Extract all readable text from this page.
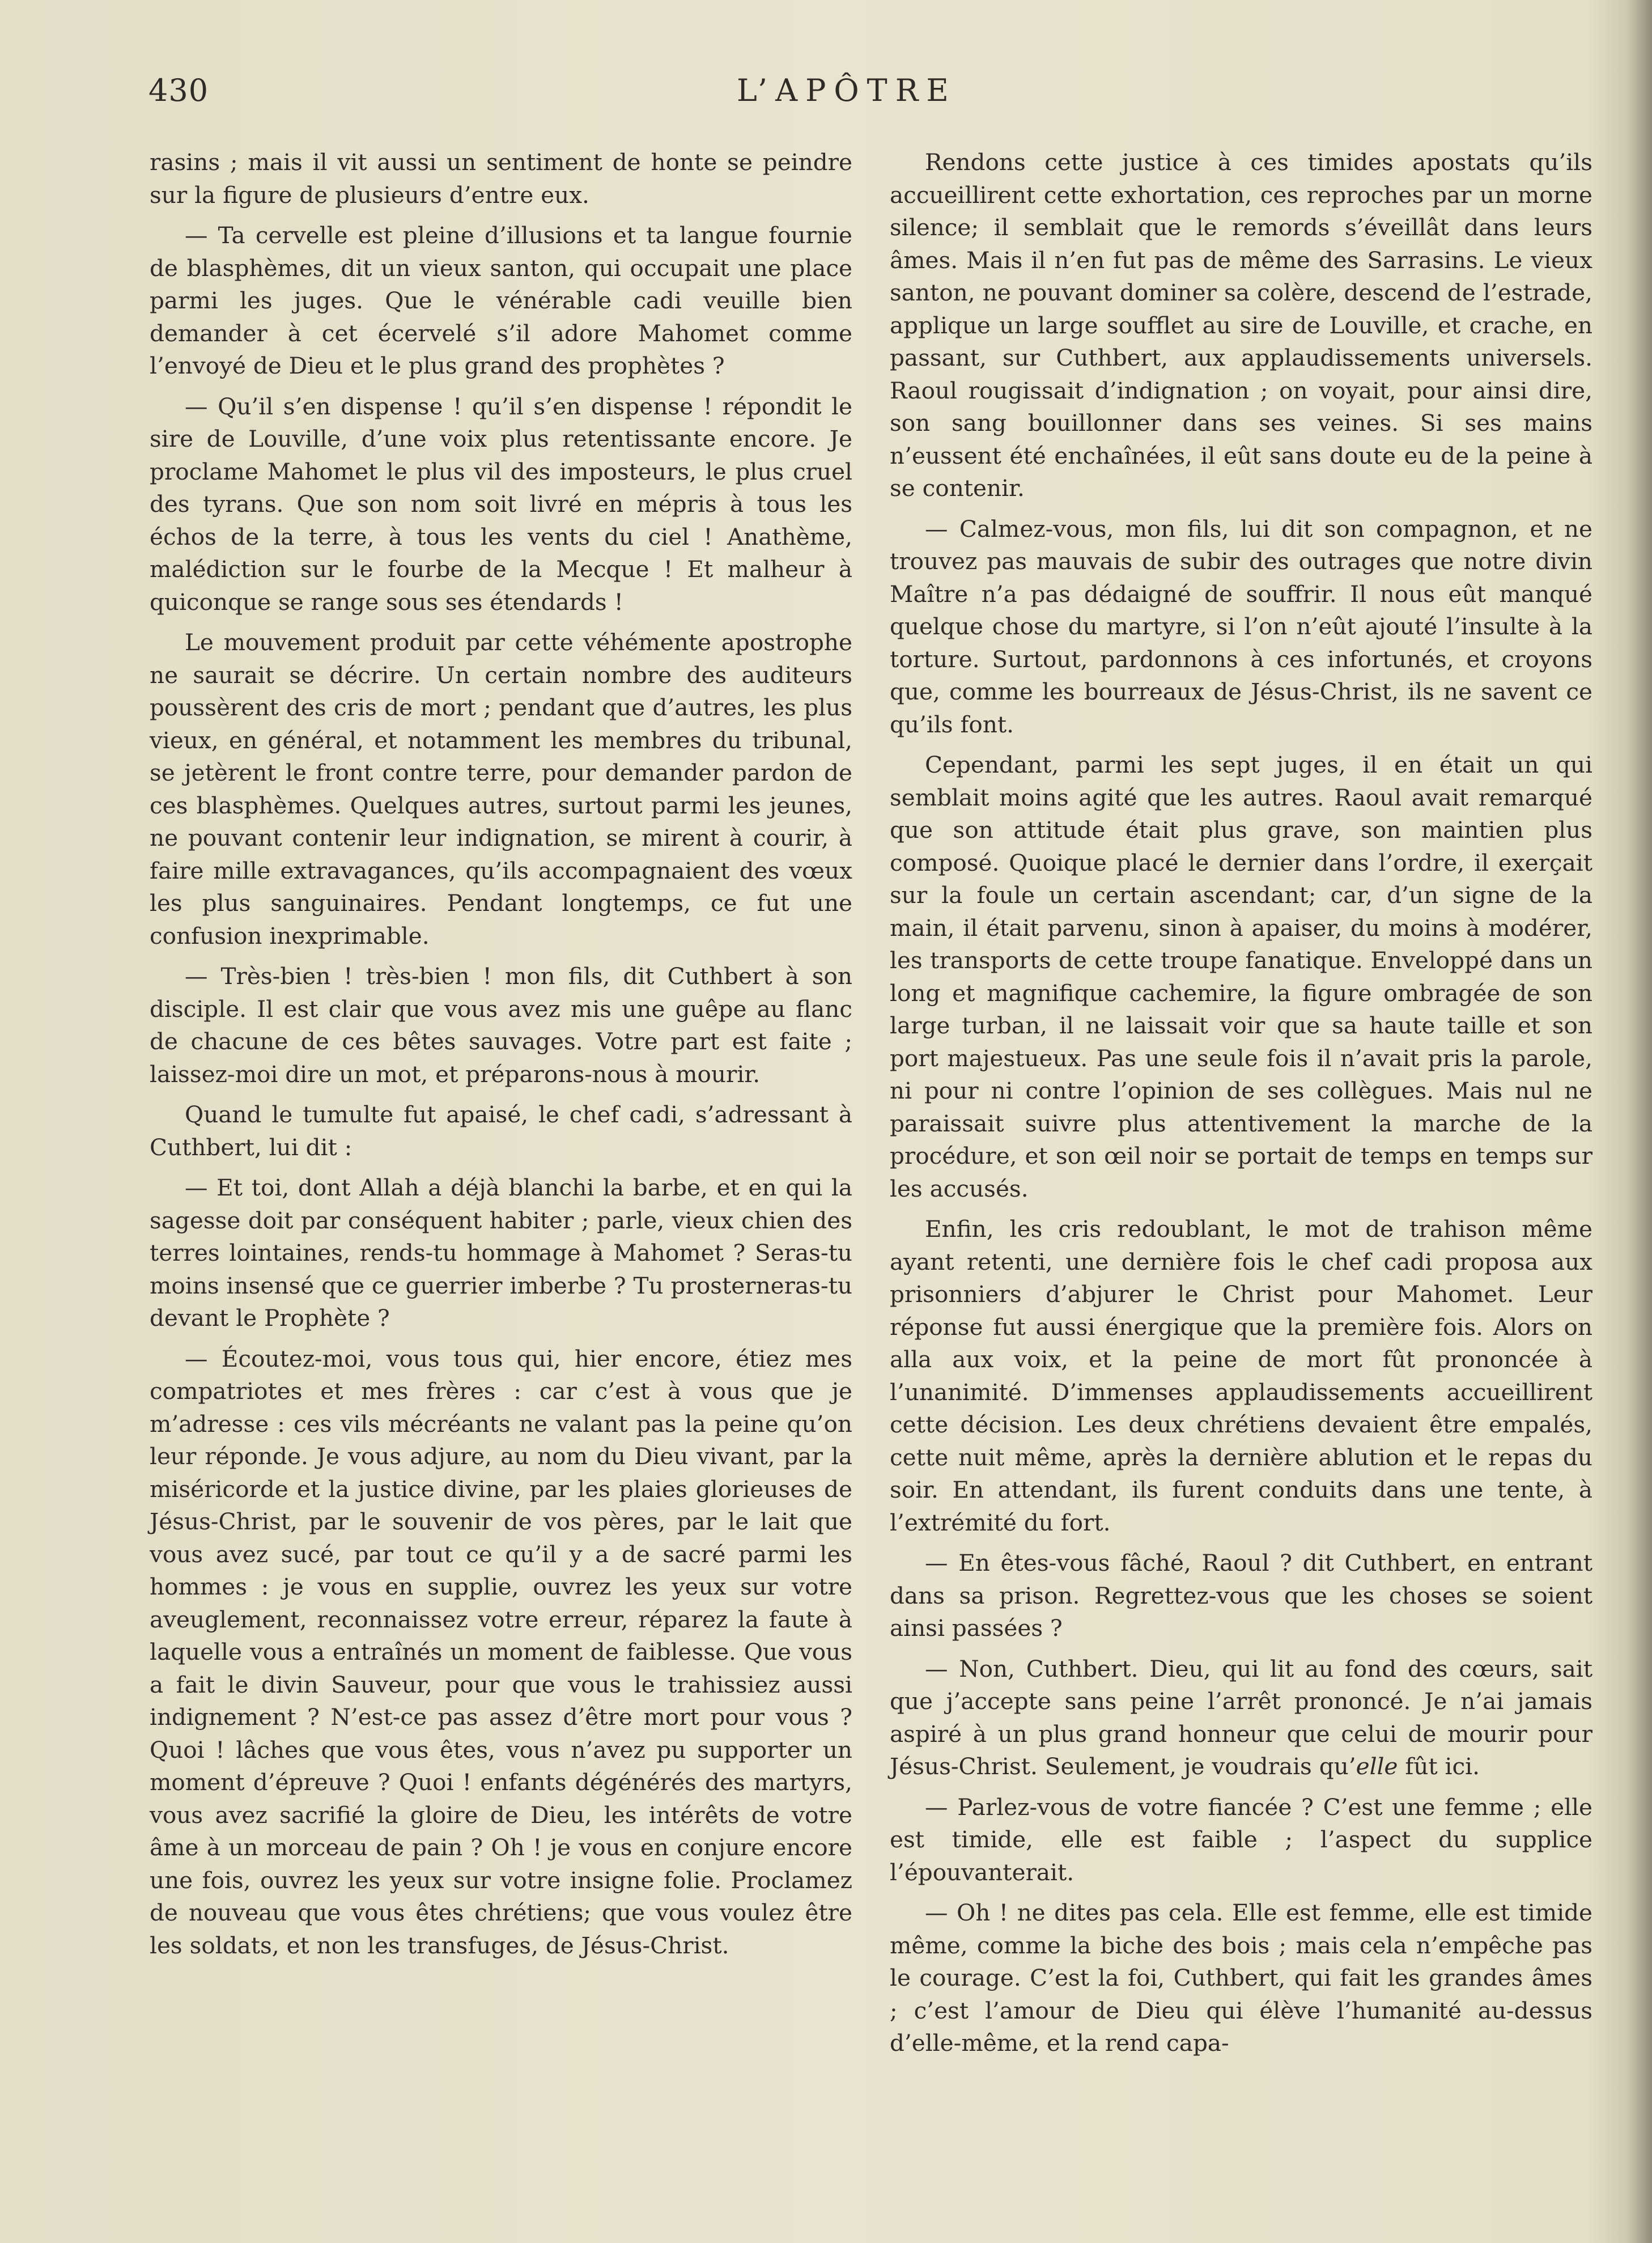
430	L’APÔTRE

rasins ; mais il vit aussi un sentiment de honte se peindre sur la figure de plusieurs d’entre eux.

— Ta cervelle est pleine d’illusions et ta langue fournie de blasphèmes, dit un vieux santon, qui occupait une place parmi les juges. Que le vénérable cadi veuille bien demander à cet écervelé s’il adore Mahomet comme l’envoyé de Dieu et le plus grand des prophètes ?

— Qu’il s’en dispense ! qu’il s’en dispense ! répondit le sire de Louville, d’une voix plus retentissante encore. Je proclame Mahomet le plus vil des imposteurs, le plus cruel des tyrans. Que son nom soit livré en mépris à tous les échos de la terre, à tous les vents du ciel ! Anathème, malédiction sur le fourbe de la Mecque ! Et malheur à quiconque se range sous ses étendards !

Le mouvement produit par cette véhémente apostrophe ne saurait se décrire. Un certain nombre des auditeurs poussèrent des cris de mort ; pendant que d’autres, les plus vieux, en général, et notamment les membres du tribunal, se jetèrent le front contre terre, pour demander pardon de ces blasphèmes. Quelques autres, surtout parmi les jeunes, ne pouvant contenir leur indignation, se mirent à courir, à faire mille extravagances, qu’ils accompagnaient des vœux les plus sanguinaires. Pendant longtemps, ce fut une confusion inexprimable.

— Très-bien ! très-bien ! mon fils, dit Cuthbert à son disciple. Il est clair que vous avez mis une guêpe au flanc de chacune de ces bêtes sauvages. Votre part est faite ; laissez-moi dire un mot, et préparons-nous à mourir.

Quand le tumulte fut apaisé, le chef cadi, s’adressant à Cuthbert, lui dit :

— Et toi, dont Allah a déjà blanchi la barbe, et en qui la sagesse doit par conséquent habiter ; parle, vieux chien des terres lointaines, rends-tu hommage à Mahomet ? Seras-tu moins insensé que ce guerrier imberbe ? Tu prosterneras-tu devant le Prophète ?

— Écoutez-moi, vous tous qui, hier encore, étiez mes compatriotes et mes frères : car c’est à vous que je m’adresse : ces vils mécréants ne valant pas la peine qu’on leur réponde. Je vous adjure, au nom du Dieu vivant, par la miséricorde et la justice divine, par les plaies glorieuses de Jésus-Christ, par le souvenir de vos pères, par le lait que vous avez sucé, par tout ce qu’il y a de sacré parmi les hommes : je vous en supplie, ouvrez les yeux sur votre aveuglement, reconnaissez votre erreur, réparez la faute à laquelle vous a entraînés un moment de faiblesse. Que vous a fait le divin Sauveur, pour que vous le trahissiez aussi indignement ? N’est-ce pas assez d’être mort pour vous ? Quoi ! lâches que vous êtes, vous n’avez pu supporter un moment d’épreuve ? Quoi ! enfants dégénérés des martyrs, vous avez sacrifié la gloire de Dieu, les intérêts de votre âme à un morceau de pain ? Oh ! je vous en conjure encore une fois, ouvrez les yeux sur votre insigne folie. Proclamez de nouveau que vous êtes chrétiens; que vous voulez être les soldats, et non les transfuges, de Jésus-Christ.

Rendons cette justice à ces timides apostats qu’ils accueillirent cette exhortation, ces reproches par un morne silence; il semblait que le remords s’éveillât dans leurs âmes. Mais il n’en fut pas de même des Sarrasins. Le vieux santon, ne pouvant dominer sa colère, descend de l’estrade, applique un large soufflet au sire de Louville, et crache, en passant, sur Cuthbert, aux applaudissements universels. Raoul rougissait d’indignation ; on voyait, pour ainsi dire, son sang bouillonner dans ses veines. Si ses mains n’eussent été enchaînées, il eût sans doute eu de la peine à se contenir.

— Calmez-vous, mon fils, lui dit son compagnon, et ne trouvez pas mauvais de subir des outrages que notre divin Maître n’a pas dédaigné de souffrir. Il nous eût manqué quelque chose du martyre, si l’on n’eût ajouté l’insulte à la torture. Surtout, pardonnons à ces infortunés, et croyons que, comme les bourreaux de Jésus-Christ, ils ne savent ce qu’ils font.

Cependant, parmi les sept juges, il en était un qui semblait moins agité que les autres. Raoul avait remarqué que son attitude était plus grave, son maintien plus composé. Quoique placé le dernier dans l’ordre, il exerçait sur la foule un certain ascendant; car, d’un signe de la main, il était parvenu, sinon à apaiser, du moins à modérer, les transports de cette troupe fanatique. Enveloppé dans un long et magnifique cachemire, la figure ombragée de son large turban, il ne laissait voir que sa haute taille et son port majestueux. Pas une seule fois il n’avait pris la parole, ni pour ni contre l’opinion de ses collègues. Mais nul ne paraissait suivre plus attentivement la marche de la procédure, et son œil noir se portait de temps en temps sur les accusés.

Enfin, les cris redoublant, le mot de trahison même ayant retenti, une dernière fois le chef cadi proposa aux prisonniers d’abjurer le Christ pour Mahomet. Leur réponse fut aussi énergique que la première fois. Alors on alla aux voix, et la peine de mort fût prononcée à l’unanimité. D’immenses applaudissements accueillirent cette décision. Les deux chrétiens devaient être empalés, cette nuit même, après la dernière ablution et le repas du soir. En attendant, ils furent conduits dans une tente, à l’extrémité du fort.

— En êtes-vous fâché, Raoul ? dit Cuthbert, en entrant dans sa prison. Regrettez-vous que les choses se soient ainsi passées ?

— Non, Cuthbert. Dieu, qui lit au fond des cœurs, sait que j’accepte sans peine l’arrêt prononcé. Je n’ai jamais aspiré à un plus grand honneur que celui de mourir pour Jésus-Christ. Seulement, je voudrais qu’elle fût ici.

— Parlez-vous de votre fiancée ? C’est une femme ; elle est timide, elle est faible ; l’aspect du supplice l’épouvanterait.

— Oh ! ne dites pas cela. Elle est femme, elle est timide même, comme la biche des bois ; mais cela n’empêche pas le courage. C’est la foi, Cuthbert, qui fait les grandes âmes ; c’est l’amour de Dieu qui élève l’humanité au-dessus d’elle-même, et la rend capa-
